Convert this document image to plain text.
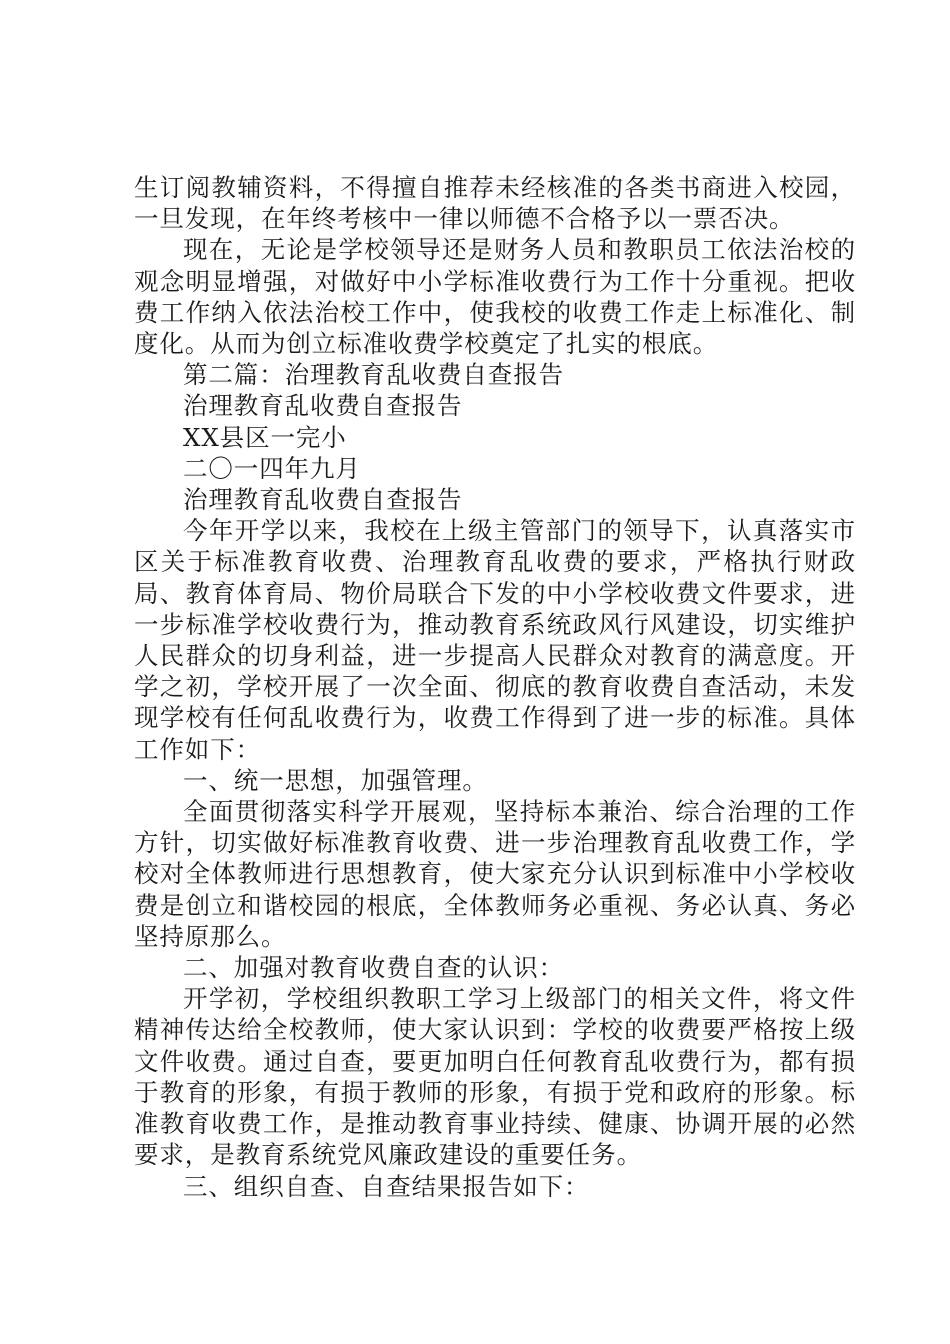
生订阅教辅资料，不得擅自推荐未经核准的各类书商进入校园，一旦发现，在年终考核中一律以师德不合格予以一票否决。

现在，无论是学校领导还是财务人员和教职员工依法治校的观念明显增强，对做好中小学标准收费行为工作十分重视。把收费工作纳入依法治校工作中，使我校的收费工作走上标准化、制度化。从而为创立标准收费学校奠定了扎实的根底。

第二篇：治理教育乱收费自查报告

治理教育乱收费自查报告

XX县区一完小

二〇一四年九月

治理教育乱收费自查报告

今年开学以来，我校在上级主管部门的领导下，认真落实市区关于标准教育收费、治理教育乱收费的要求，严格执行财政局、教育体育局、物价局联合下发的中小学校收费文件要求，进一步标准学校收费行为，推动教育系统政风行风建设，切实维护人民群众的切身利益，进一步提高人民群众对教育的满意度。开学之初，学校开展了一次全面、彻底的教育收费自查活动，未发现学校有任何乱收费行为，收费工作得到了进一步的标准。具体工作如下：

一、统一思想，加强管理。

全面贯彻落实科学开展观，坚持标本兼治、综合治理的工作方针，切实做好标准教育收费、进一步治理教育乱收费工作，学校对全体教师进行思想教育，使大家充分认识到标准中小学校收费是创立和谐校园的根底，全体教师务必重视、务必认真、务必坚持原那么。

二、加强对教育收费自查的认识：

开学初，学校组织教职工学习上级部门的相关文件，将文件精神传达给全校教师，使大家认识到：学校的收费要严格按上级文件收费。通过自查，要更加明白任何教育乱收费行为，都有损于教育的形象，有损于教师的形象，有损于党和政府的形象。标准教育收费工作，是推动教育事业持续、健康、协调开展的必然要求，是教育系统党风廉政建设的重要任务。

三、组织自查、自查结果报告如下：
